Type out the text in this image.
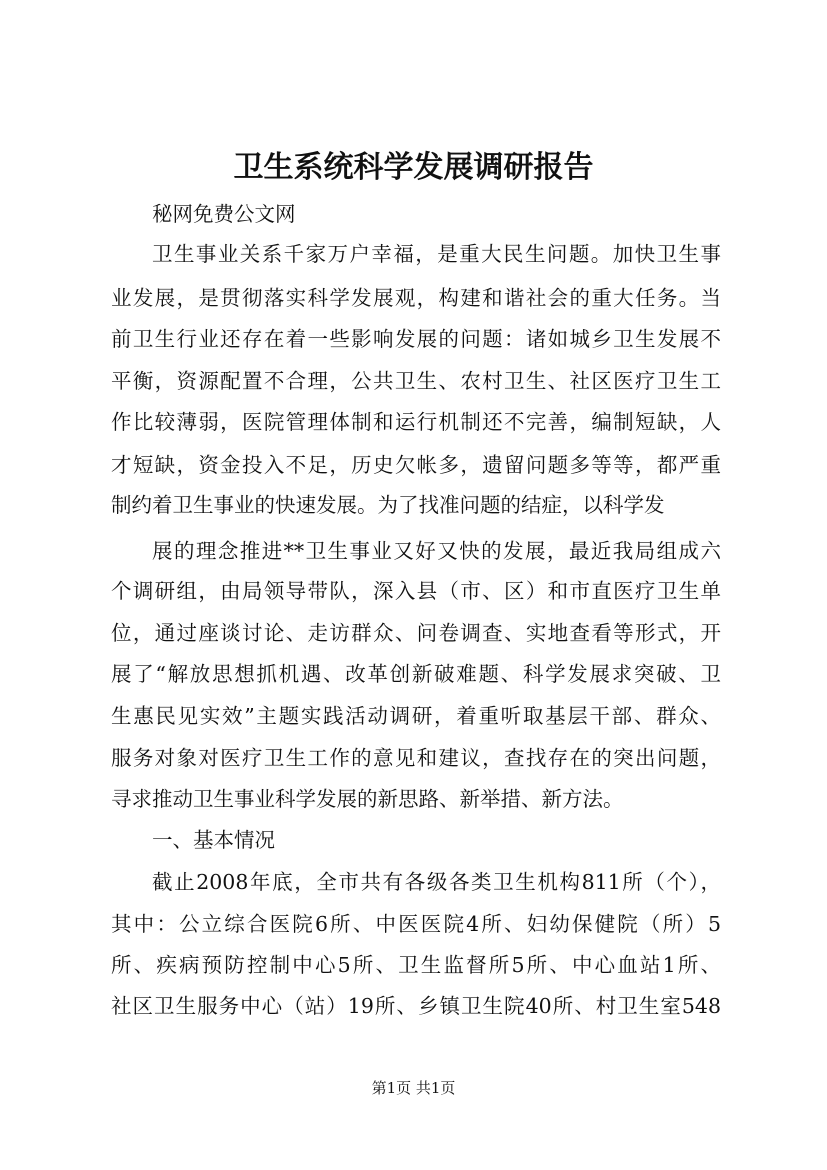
卫生系统科学发展调研报告
秘网免费公文网
卫生事业关系千家万户幸福，是重大民生问题。加快卫生事
业发展，是贯彻落实科学发展观，构建和谐社会的重大任务。当
前卫生行业还存在着一些影响发展的问题：诸如城乡卫生发展不
平衡，资源配置不合理，公共卫生、农村卫生、社区医疗卫生工
作比较薄弱，医院管理体制和运行机制还不完善，编制短缺，人
才短缺，资金投入不足，历史欠帐多，遗留问题多等等，都严重
制约着卫生事业的快速发展。为了找准问题的结症，以科学发
展的理念推进**卫生事业又好又快的发展，最近我局组成六
个调研组，由局领导带队，深入县（市、区）和市直医疗卫生单
位，通过座谈讨论、走访群众、问卷调查、实地查看等形式，开
展了“解放思想抓机遇、改革创新破难题、科学发展求突破、卫
生惠民见实效”主题实践活动调研，着重听取基层干部、群众、
服务对象对医疗卫生工作的意见和建议，查找存在的突出问题，
寻求推动卫生事业科学发展的新思路、新举措、新方法。
一、基本情况
截止2008年底，全市共有各级各类卫生机构811所（个），
其中：公立综合医院6所、中医医院4所、妇幼保健院（所）5
所、疾病预防控制中心5所、卫生监督所5所、中心血站1所、
社区卫生服务中心（站）19所、乡镇卫生院40所、村卫生室548
第1页 共1页
